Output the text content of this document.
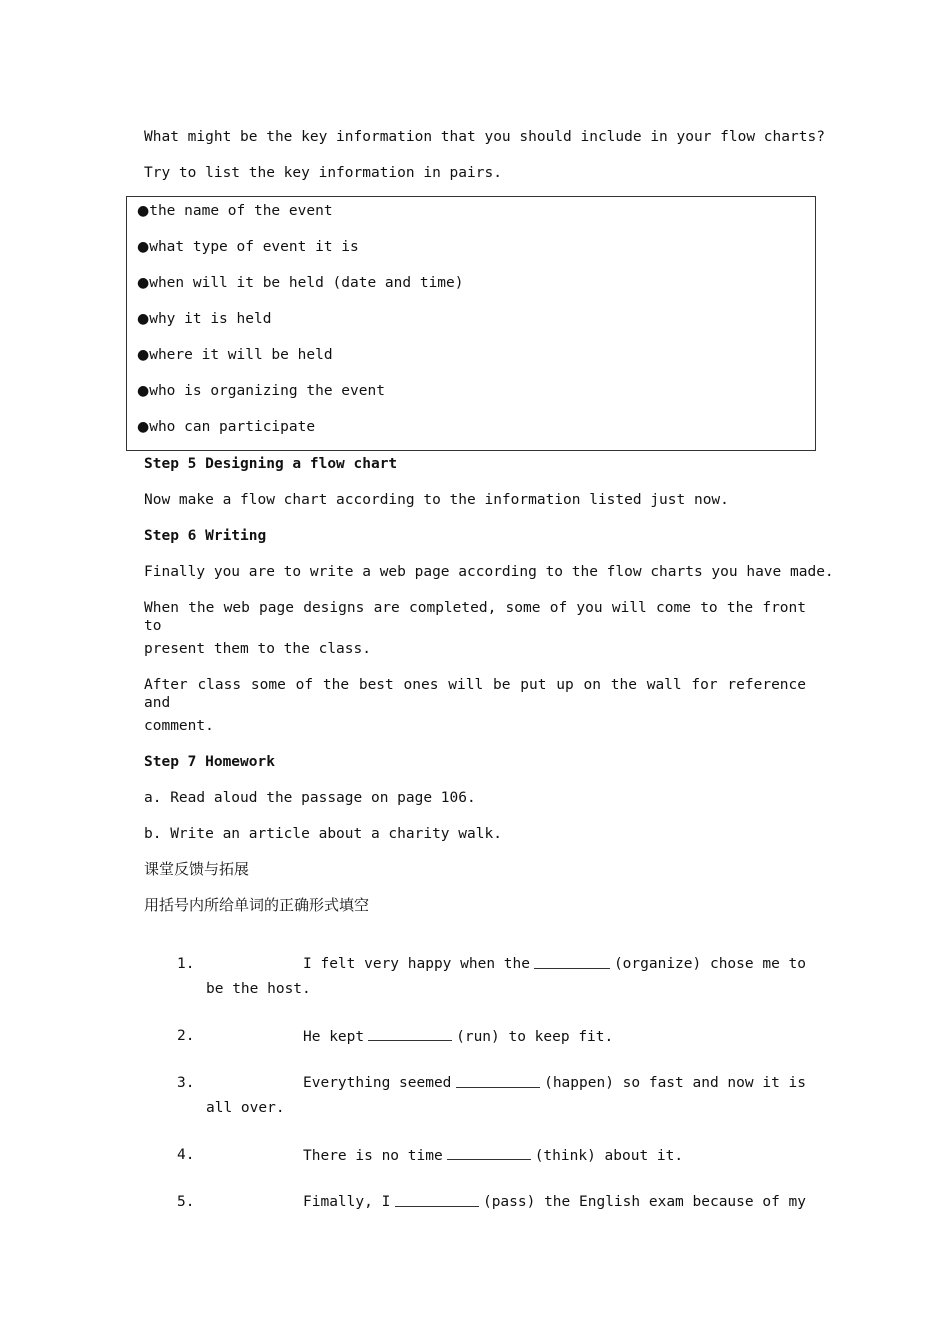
What might be the key information that you should include in your flow charts?
Try to list the key information in pairs.
●the name of the event
●what type of event it is
●when will it be held (date and time)
●why it is held
●where it will be held
●who is organizing the event
●who can participate
Step 5 Designing a flow chart
Now make a flow chart according to the information listed just now.
Step 6 Writing
Finally you are to write a web page according to the flow charts you have made.
When the web page designs are completed, some of you will come to the front to
present them to the class.
After class some of the best ones will be put up on the wall for reference and
comment.
Step 7 Homework
a. Read aloud the passage on page 106.
b. Write an article about a charity walk.
课堂反馈与拓展
用括号内所给单词的正确形式填空
1.	I felt very happy when the	(organize) chose me to
be the host.
2.	He kept	(run) to keep fit.
3.	Everything seemed	(happen) so fast and now it is
all over.
4.	There is no time	(think) about it.
5.	Fimally, I	(pass) the English exam because of my
